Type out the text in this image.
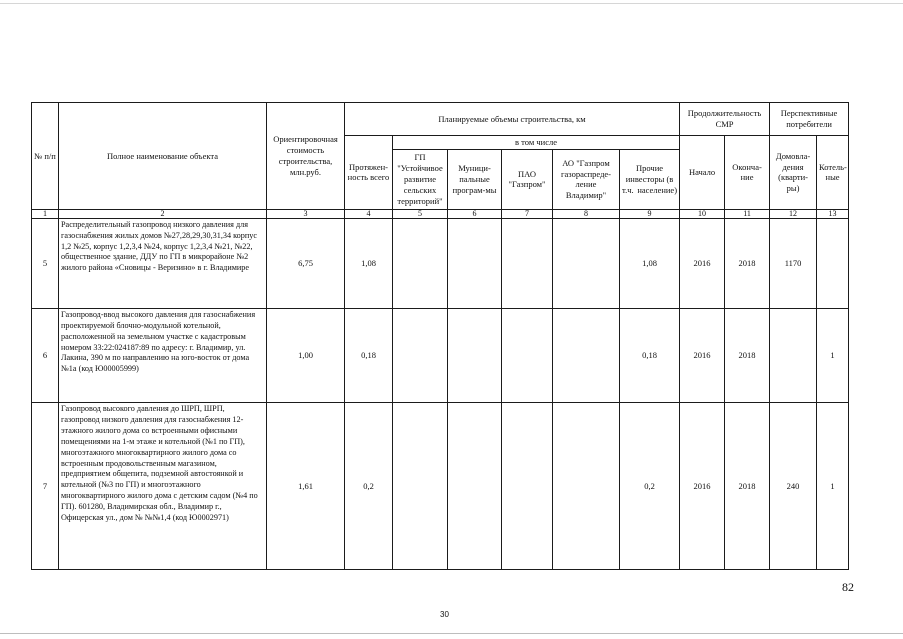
№ п/п	Полное наименование объекта	Ориентировочная стоимость строительства, млн.руб.	Планируемые объемы строительства, км						Продолжительность СМР		Перспективные потребители	
			Протяжен-ность всего	в том числе					Начало	Оконча-ние	Домовла-дения (кварти-ры)	Котель-ные
				ГП "Устойчивое развитие сельских территорий"	Муници-пальные програм-мы	ПАО "Газпром"	АО "Газпром газораспреде-ление Владимир"	Прочие инвесторы (в т.ч. население)				
1	2	3	4	5	6	7	8	9	10	11	12	13
5	Распределительный газопровод низкого давления для газоснабжения жилых домов №27,28,29,30,31,34 корпус 1,2 №25, корпус 1,2,3,4 №24, корпус 1,2,3,4 №21, №22, общественное здание, ДДУ по ГП в микрорайоне №2 жилого района «Сновицы - Веризино» в г. Владимире	6,75	1,08					1,08	2016	2018	1170	
6	Газопровод-ввод высокого давления для газоснабжения проектируемой блочно-модульной котельной, расположенной на земельном участке с кадастровым номером 33:22:024187:89 по адресу: г. Владимир, ул. Лакина, 390 м по направлению на юго-восток от дома №1а (код Ю00005999)	1,00	0,18					0,18	2016	2018		1
7	Газопровод высокого давления до ШРП, ШРП, газопровод низкого давления для газоснабжения 12-этажного жилого дома со встроенными офисными помещениями на 1-м этаже и котельной (№1 по ГП), многоэтажного многоквартирного жилого дома со встроенным продовольственным магазином, предприятием общепита, подземной автостоянкой и котельной (№3 по ГП) и многоэтажного многоквартирного жилого дома с детским садом (№4 по ГП). 601280, Владимирская обл., Владимир г., Офицерская ул., дом № №№1,4 (код Ю0002971)	1,61	0,2					0,2	2016	2018	240	1
82
30
